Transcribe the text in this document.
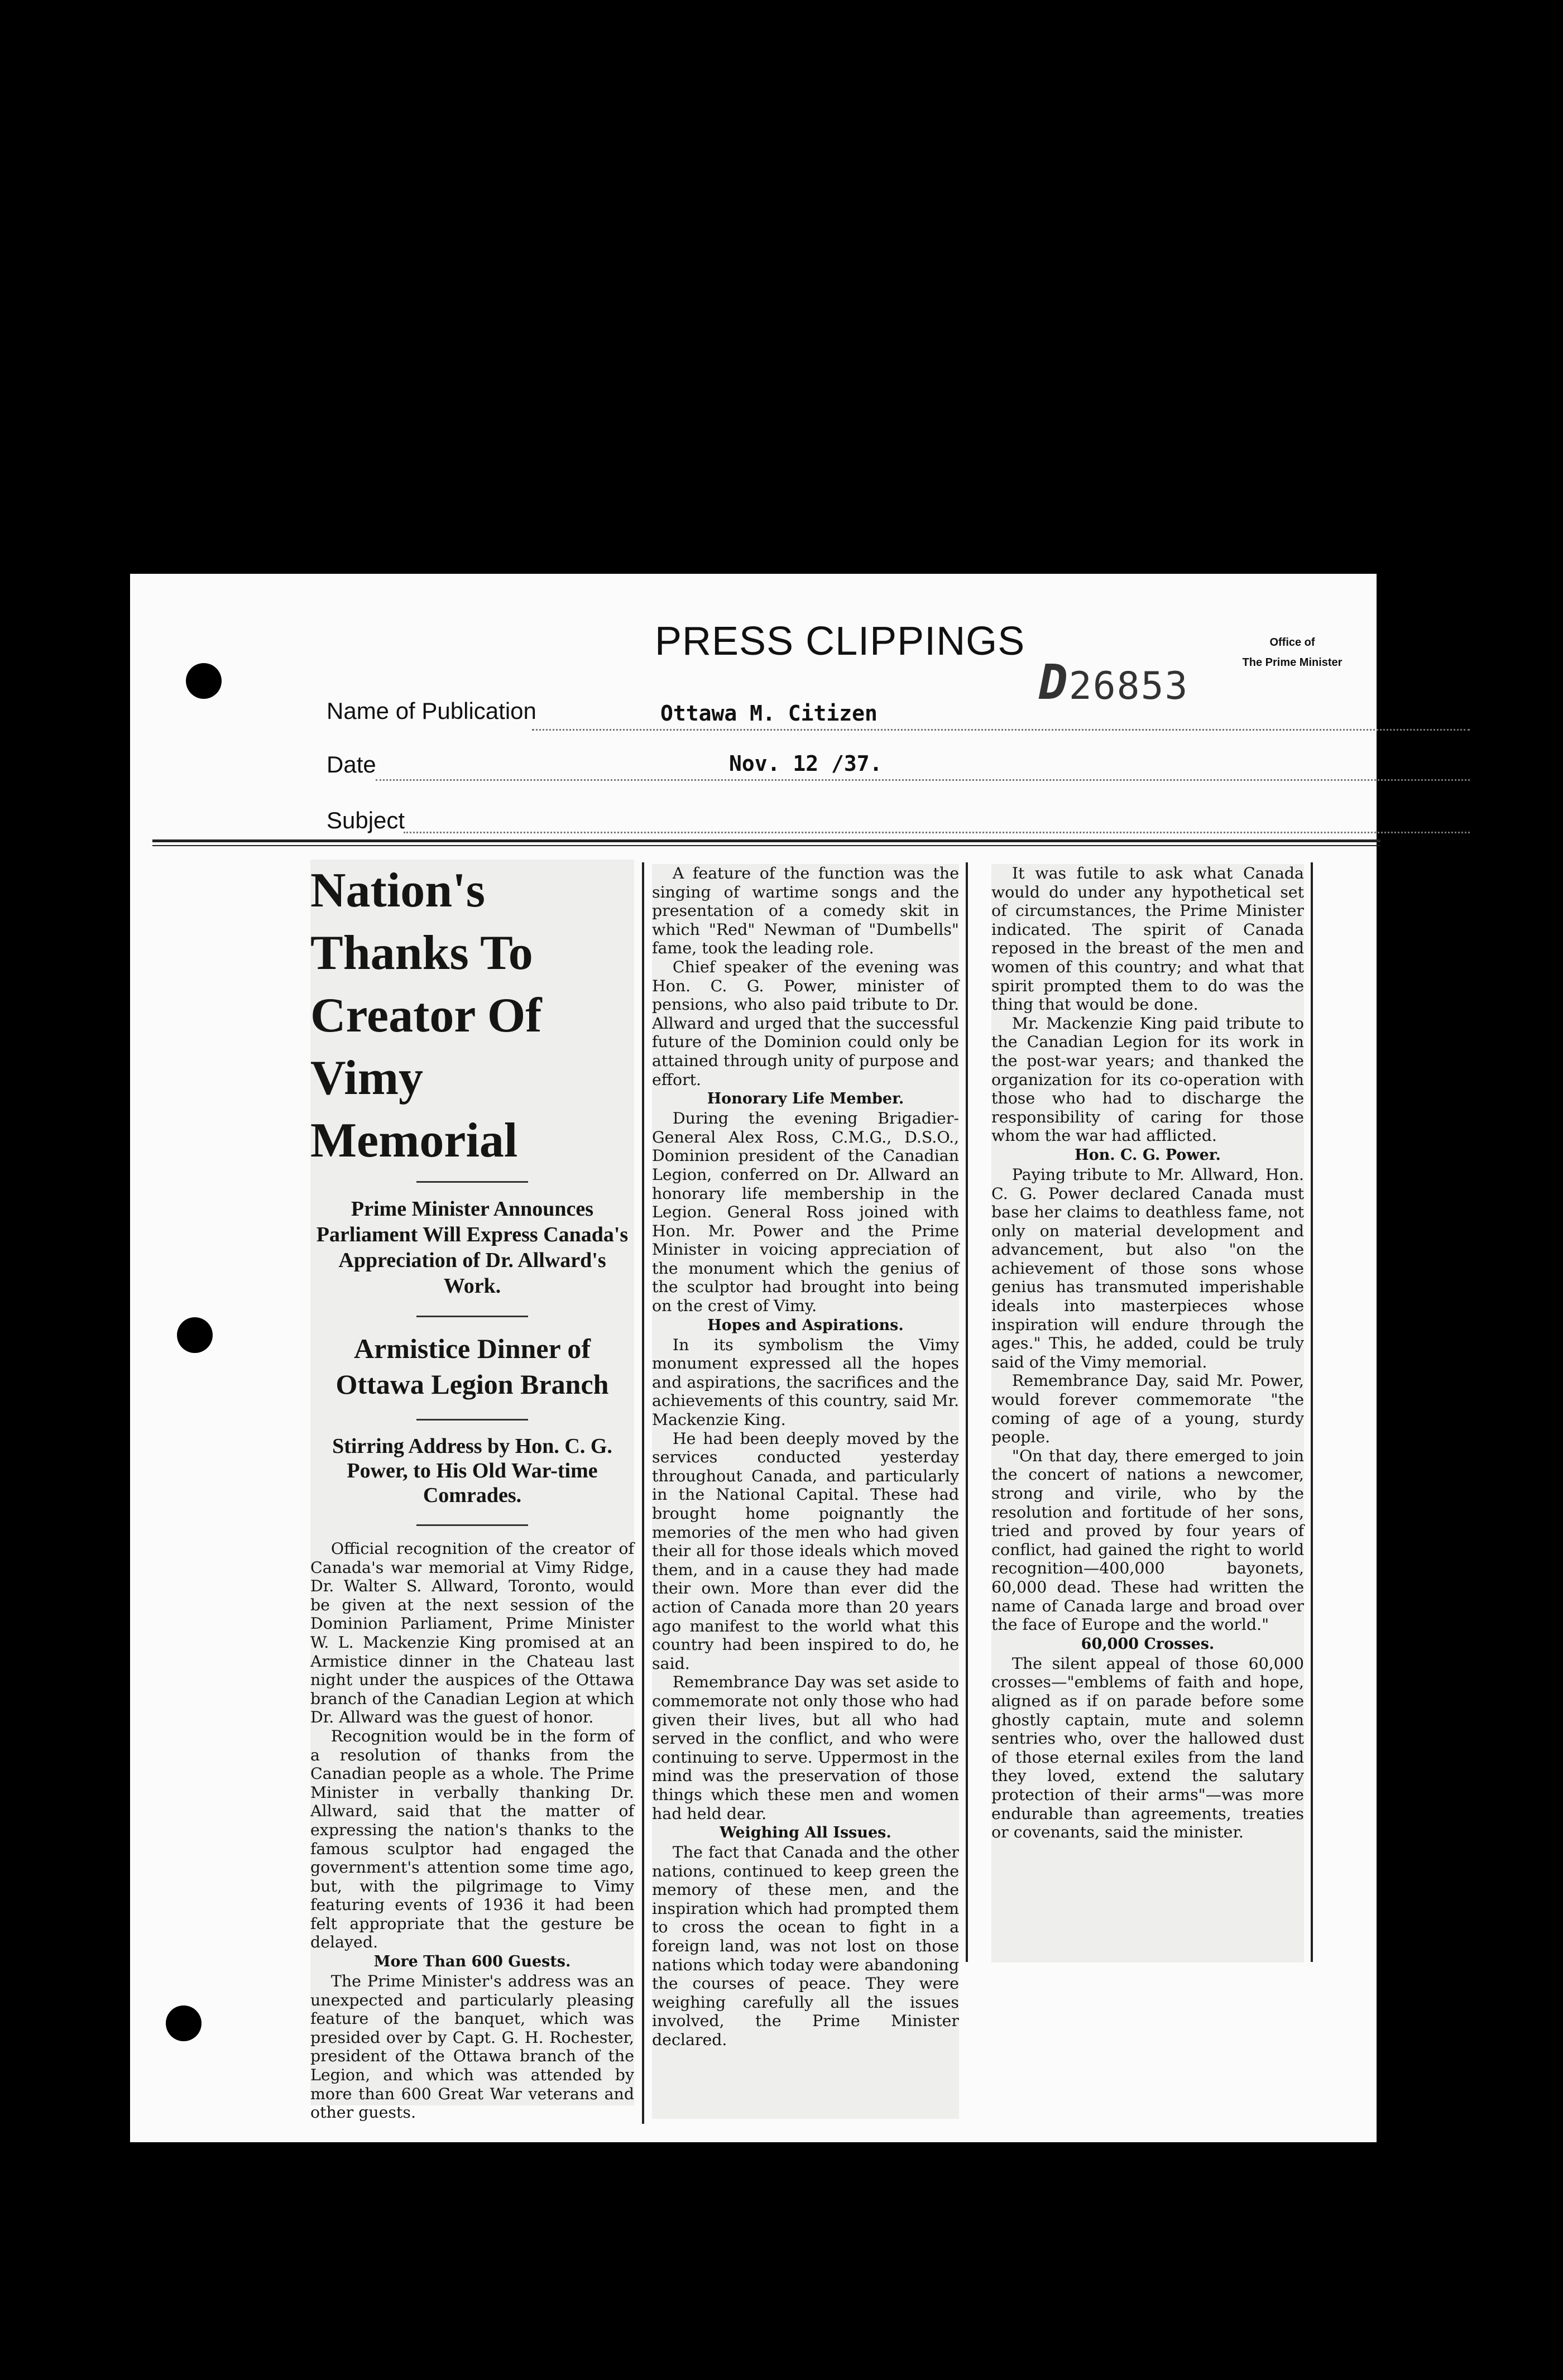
PRESS CLIPPINGS	Office of
The Prime Minister
D26853
Name of Publication	Ottawa M. Citizen
Date	Nov. 12 /37.
Subject
Nation's Thanks To Creator Of Vimy Memorial
Prime Minister Announces Parliament Will Express Canada's Appreciation of Dr. Allward's Work.
Armistice Dinner of Ottawa Legion Branch
Stirring Address by Hon. C. G. Power, to His Old War-time Comrades.

Official recognition of the creator of Canada's war memorial at Vimy Ridge, Dr. Walter S. Allward, Toronto, would be given at the next session of the Dominion Parliament, Prime Minister W. L. Mackenzie King promised at an Armistice dinner in the Chateau last night under the auspices of the Ottawa branch of the Canadian Legion at which Dr. Allward was the guest of honor.

Recognition would be in the form of a resolution of thanks from the Canadian people as a whole. The Prime Minister in verbally thanking Dr. Allward, said that the matter of expressing the nation's thanks to the famous sculptor had engaged the government's attention some time ago, but, with the pilgrimage to Vimy featuring events of 1936 it had been felt appropriate that the gesture be delayed.

More Than 600 Guests.

The Prime Minister's address was an unexpected and particularly pleasing feature of the banquet, which was presided over by Capt. G. H. Rochester, president of the Ottawa branch of the Legion, and which was attended by more than 600 Great War veterans and other guests.

A feature of the function was the singing of wartime songs and the presentation of a comedy skit in which "Red" Newman of "Dumbells" fame, took the leading role.

Chief speaker of the evening was Hon. C. G. Power, minister of pensions, who also paid tribute to Dr. Allward and urged that the successful future of the Dominion could only be attained through unity of purpose and effort.

Honorary Life Member.

During the evening Brigadier-General Alex Ross, C.M.G., D.S.O., Dominion president of the Canadian Legion, conferred on Dr. Allward an honorary life membership in the Legion. General Ross joined with Hon. Mr. Power and the Prime Minister in voicing appreciation of the monument which the genius of the sculptor had brought into being on the crest of Vimy.

Hopes and Aspirations.

In its symbolism the Vimy monument expressed all the hopes and aspirations, the sacrifices and the achievements of this country, said Mr. Mackenzie King.

He had been deeply moved by the services conducted yesterday throughout Canada, and particularly in the National Capital. These had brought home poignantly the memories of the men who had given their all for those ideals which moved them, and in a cause they had made their own. More than ever did the action of Canada more than 20 years ago manifest to the world what this country had been inspired to do, he said.

Remembrance Day was set aside to commemorate not only those who had given their lives, but all who had served in the conflict, and who were continuing to serve. Uppermost in the mind was the preservation of those things which these men and women had held dear.

Weighing All Issues.

The fact that Canada and the other nations, continued to keep green the memory of these men, and the inspiration which had prompted them to cross the ocean to fight in a foreign land, was not lost on those nations which today were abandoning the courses of peace. They were weighing carefully all the issues involved, the Prime Minister declared.

It was futile to ask what Canada would do under any hypothetical set of circumstances, the Prime Minister indicated. The spirit of Canada reposed in the breast of the men and women of this country; and what that spirit prompted them to do was the thing that would be done.

Mr. Mackenzie King paid tribute to the Canadian Legion for its work in the post-war years; and thanked the organization for its co-operation with those who had to discharge the responsibility of caring for those whom the war had afflicted.

Hon. C. G. Power.

Paying tribute to Mr. Allward, Hon. C. G. Power declared Canada must base her claims to deathless fame, not only on material development and advancement, but also "on the achievement of those sons whose genius has transmuted imperishable ideals into masterpieces whose inspiration will endure through the ages." This, he added, could be truly said of the Vimy memorial.

Remembrance Day, said Mr. Power, would forever commemorate "the coming of age of a young, sturdy people.

"On that day, there emerged to join the concert of nations a newcomer, strong and virile, who by the resolution and fortitude of her sons, tried and proved by four years of conflict, had gained the right to world recognition—400,000 bayonets, 60,000 dead. These had written the name of Canada large and broad over the face of Europe and the world."

60,000 Crosses.

The silent appeal of those 60,000 crosses—"emblems of faith and hope, aligned as if on parade before some ghostly captain, mute and solemn sentries who, over the hallowed dust of those eternal exiles from the land they loved, extend the salutary protection of their arms"—was more endurable than agreements, treaties or covenants, said the minister.
